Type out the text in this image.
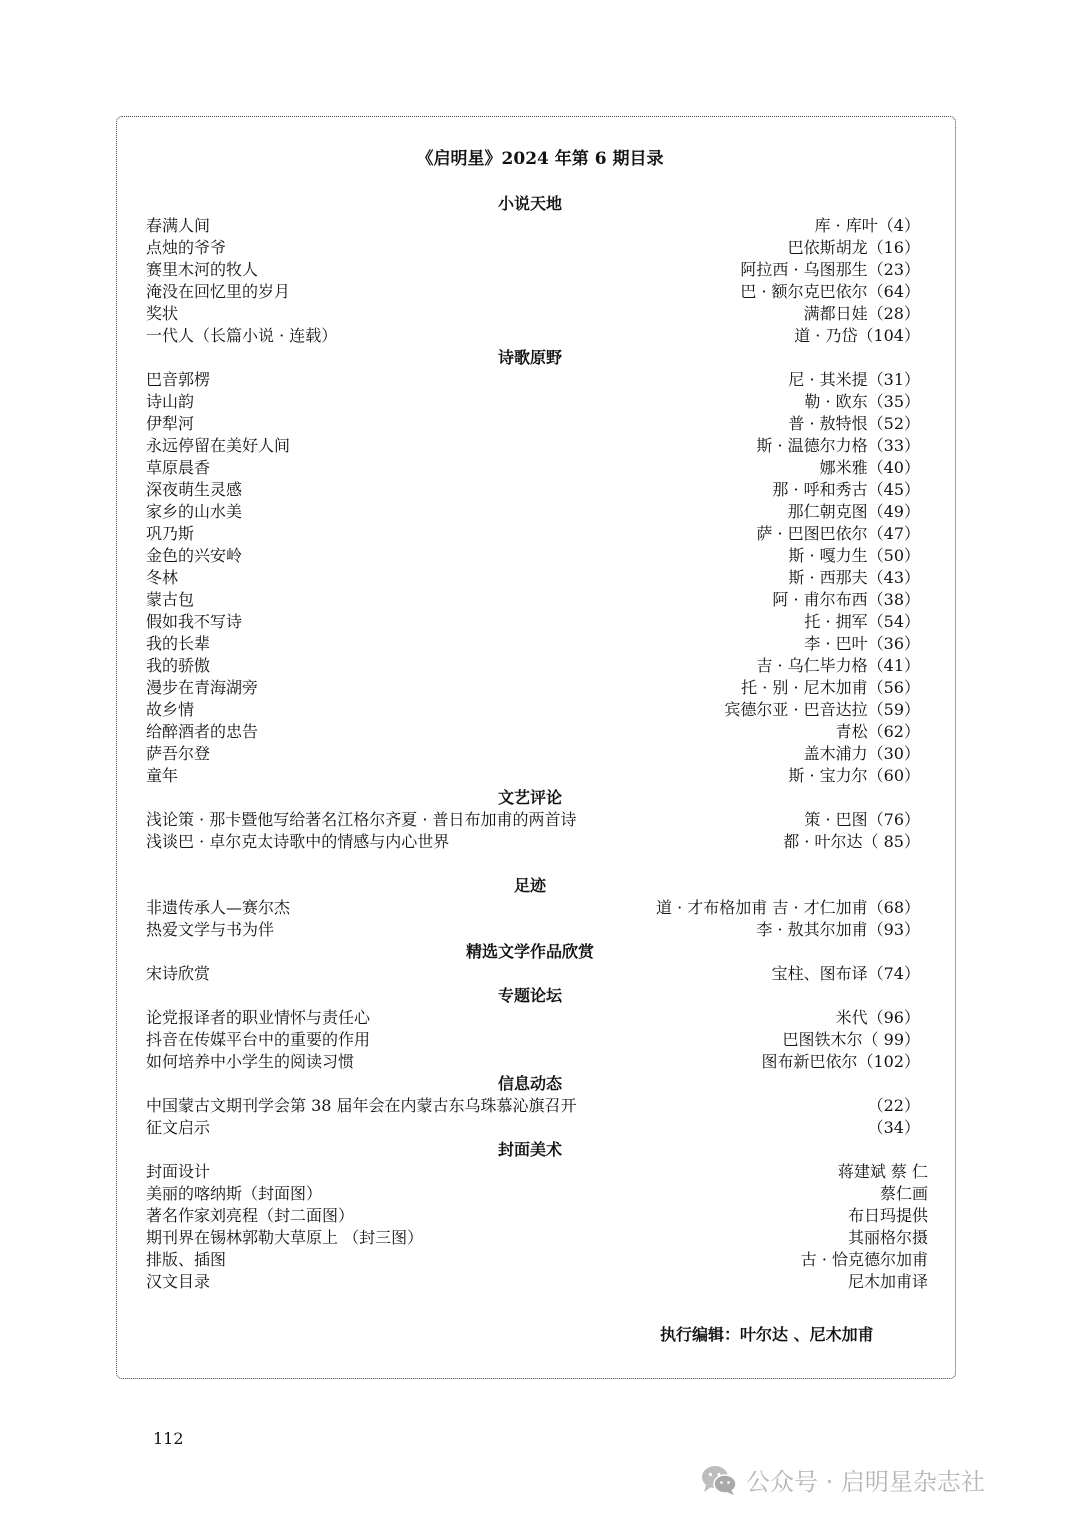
《启明星》2024 年第 6 期目录
小说天地
春满人间	库 · 库叶（4）
点烛的爷爷	巴依斯胡龙（16）
赛里木河的牧人	阿拉西 · 乌图那生（23）
淹没在回忆里的岁月	巴 · 额尔克巴依尔（64）
奖状	满都日娃（28）
一代人（长篇小说 · 连载）	道 · 乃岱（104）
诗歌原野
巴音郭楞	尼 · 其米提（31）
诗山韵	勒 · 欧东（35）
伊犁河	普 · 敖特恨（52）
永远停留在美好人间	斯 · 温德尔力格（33）
草原晨香	娜米雅（40）
深夜萌生灵感	那 · 呼和秀古（45）
家乡的山水美	那仁朝克图（49）
巩乃斯	萨 · 巴图巴依尔（47）
金色的兴安岭	斯 · 嘎力生（50）
冬林	斯 · 西那夫（43）
蒙古包	阿 · 甫尔布西（38）
假如我不写诗	托 · 拥军（54）
我的长辈	李 · 巴叶（36）
我的骄傲	吉 · 乌仁毕力格（41）
漫步在青海湖旁	托 · 别 · 尼木加甫（56）
故乡情	宾德尔亚 · 巴音达拉（59）
给醉酒者的忠告	青松（62）
萨吾尔登	盖木浦力（30）
童年	斯 · 宝力尔（60）
文艺评论
浅论策 · 那卡暨他写给著名江格尔齐夏 · 普日布加甫的两首诗	策 · 巴图（76）
浅谈巴 · 卓尔克太诗歌中的情感与内心世界	都 · 叶尔达（ 85）
足迹
非遗传承人—赛尔杰	道 · 才布格加甫 吉 · 才仁加甫（68）
热爱文学与书为伴	李 · 敖其尔加甫（93）
精选文学作品欣赏
宋诗欣赏	宝柱、图布译（74）
专题论坛
论党报译者的职业情怀与责任心	米代（96）
抖音在传媒平台中的重要的作用	巴图铁木尔（ 99）
如何培养中小学生的阅读习惯	图布新巴依尔（102）
信息动态
中国蒙古文期刊学会第 38 届年会在内蒙古东乌珠慕沁旗召开	（22）
征文启示	（34）
封面美术
封面设计	蒋建斌 蔡 仁
美丽的喀纳斯（封面图）	蔡仁画
著名作家刘亮程（封二面图）	布日玛提供
期刊界在锡林郭勒大草原上 （封三图）	其丽格尔摄
排版、插图	古 · 恰克德尔加甫
汉文目录	尼木加甫译
执行编辑：叶尔达 、尼木加甫
112
公众号 · 启明星杂志社
